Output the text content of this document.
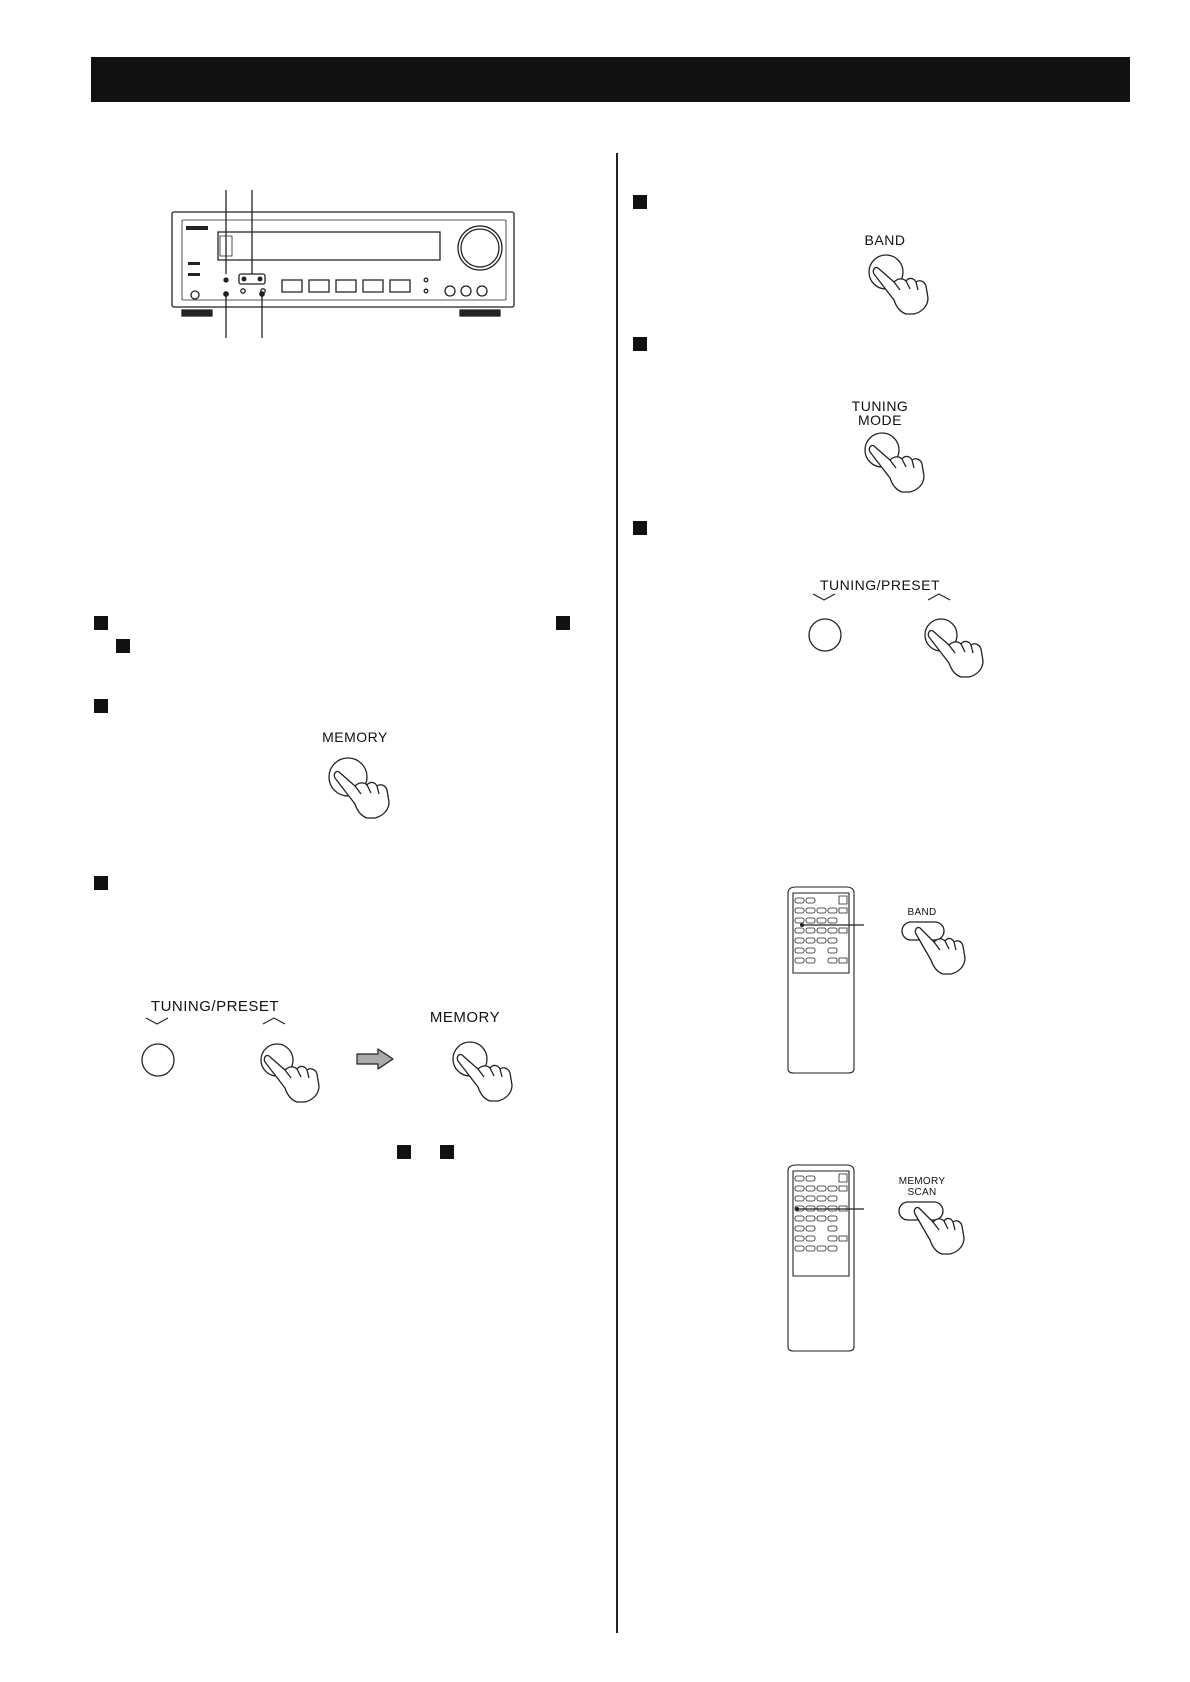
MEMORY
TUNING/PRESET
MEMORY
BAND
TUNING
MODE
TUNING/PRESET
BAND
MEMORY
SCAN
